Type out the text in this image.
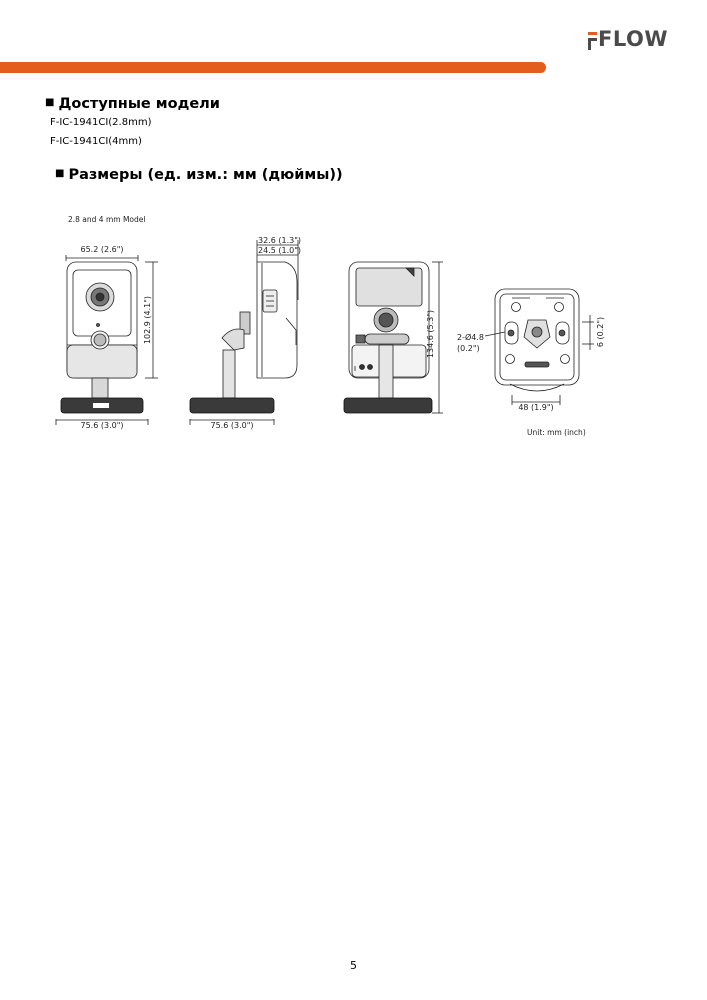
FLOW
■ Доступные модели
F-IC-1941CI(2.8mm)
F-IC-1941CI(4mm)
■ Размеры (ед. изм.: мм (дюймы))
2.8 and 4 mm Model
65.2 (2.6")
102.9 (4.1")
75.6 (3.0")
32.6 (1.3")
24.5 (1.0")
75.6 (3.0")
134.6 (5.3")
48 (1.9")
2-Ø4.8
(0.2")
6 (0.2")
Unit: mm (inch)
5
